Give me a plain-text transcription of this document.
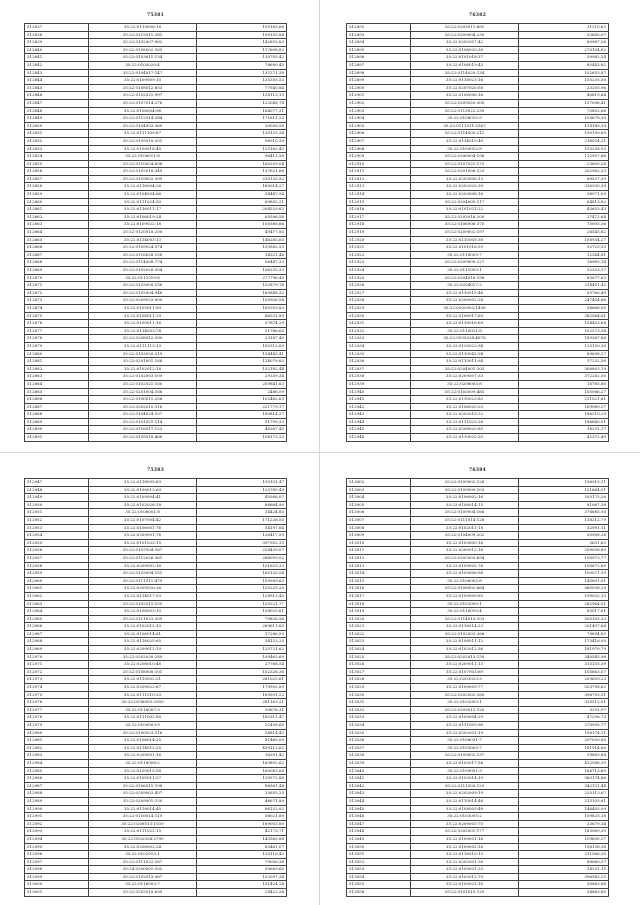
75381
512837	35:22:0119006:18	195165,68
512838	35:22:0119011:281	199155,84
512839	35:22:0102007:062	142892,63
512840	35:22:0108002:165	117608,82
512841	35:22:0103611:134	130705,42
512842	35:22:0105020:4	78690,45
512843	35:22:0104017:147	137271,38
512844	35:22:0109009:10	135355,53
512845	35:22:0108012:653	77540,84
512846	35:22:0102021:997	138113,13
512847	35:22:0107014:276	122048,78
512848	35:22:0108004:96	164077,31
512849	35:22:0112014:284	171611,22
512850	35:22:0104003:360	30056,56
512851	35:22:0111109:87	130125,34
512852	35:22:0109010:201	96910,39
512853	35:22:0109018:40	125162,43
512854	35:22:0106011:8	96411,58
512855	35:22:0110024:896	160259,04
512856	35:22:0102018:349	137621,68
512857	35:22:0109002:399	235133,52
512858	35:22:0116004:26	180014,27
512859	35:22:0104004:66	54447,94
512860	35:22:0111024:50	69892,21
512861	35:22:0116011:17	204529,62
512862	35:22:0106019:24	65596,58
512863	35:22:0109022:18	100586,66
512864	35:22:0120018:200	49477,85
512865	35:22:0114003:13	146285,65
512866	35:22:0109024:974	159582,53
512867	35:22:0116028:158	14321,46
512868	35:22:0114008:774	56447,33
512869	35:22:0102028:304	196235,33
512870	35:22:0111019:8	277796,40
512871	35:22:0103005:158	102879,78
512872	35:22:0102004:948	160848,32
512873	35:22:0209025:900	150926,54
512874	35:22:0103011:89	185393,83
512875	35:22:0108011:29	86531,89
512876	35:22:0109011:16	57674,29
512877	35:22:0114003:74	21786,65
512878	35:22:0208012:390	23187,49
512879	35:22:0111113:13	190312,69
512880	35:22:0103020:319	134443,41
512881	35:22:0201001:168	114079,63
512882	35:22:0102012:18	152182,44
512883	35:22:0102003:109	29339,34
512884	35:22:0102021:100	259841,63
512885	35:22:0201004:166	2488,09
512886	35:22:0100011:256	102482,63
512887	35:22:0202010:316	221779,17
512888	35:22:0104024:107	180814,27
512889	35:22:0101021:114	31799,33
512890	35:22:0116017:123	46267,45
512891	35:22:0105018:468	108173,23
76382
512892	35:22:0205011:681	31210,63
512893	35:22:0209004:230	33685,07
512894	35:22:0202007:42	60987,26
512895	35:22:0108020:30	270154,62
512896	35:22:0101018:37	39982,24
512897	35:22:0106019:43	85443,82
512898	35:22:0114020:134	102653,87
512899	35:22:0118023:16	155235,30
512900	35:22:0207020:58	23205,96
512901	35:22:0106006:16	40819,64
512902	35:22:0209020:300	157096,41
512903	35:22:0113023:239	73602,66
512904	35:22:0108015:9	103678,39
512905	35:22:0111011:2567	118149,39
512906	35:22:0114005:212	190190,69
512907	35:22:0114019:40	216024,21
512908	35:22:0109012:9	153258,53
512909	35:22:0206004:196	112957,86
512910	35:22:0107021:175	23605,26
512911	35:22:0201006:123	202962,23
512912	35:22:0203006:13	89537,39
512913	35:22:0202020:39	316200,39
512914	35:22:0203008:16	38971,09
512915	35:22:0204005:117	64813,82
512916	35:22:0101021:22	43653,43
512917	35:22:0203016:200	27472,64
512918	35:22:0106006:370	75005,36
512919	35:22:0209002:197	26545,82
512920	35:22:0110005:38	108934,27
512921	35:22:0101016:59	92723,53
512922	35:22:0118003:7	12344,81
512923	35:22:0209009:227	16985,14
512924	35:22:0111003:1	32253,17
512925	35:22:0204016:156	83077,63
512926	35:22:0204017:2	214451,42
512927	35:22:0110015:46	55760,49
512928	35:22:0200002:24	247454,86
512929	35:22:0202003:1436	36688,05
512930	35:22:0106017:69	382564,61
512931	35:22:0118016:69	154433,64
512932	35:22:0110011:6	102273,34
512933	35:22:0105028:4676	189367,88
512934	35:22:0120022:94	125150,30
512935	35:22:0110042:94	89658,27
512936	35:22:0110011:94	37232,56
512937	35:22:0204001:203	308803,19
512938	35:22:0209007:33	372282,50
512939	35:22:0208003:8	16785,60
512940	35:22:0103009:485	105086,27
512941	35:22:0110023:83	211021,61
512942	35:22:0106020:20	169989,27
512943	35:22:0202018:22	186210,29
512944	35:22:0111023:26	186840,01
512945	35:22:0208020:85	18291,17
512946	35:22:0110020:35	42372,49
75383
512947	35:22:0118005:63	195101,47
512948	35:22:0109012:63	120785,43
512949	35:22:0109004:41	45568,07
512950	35:22:0102026:18	86664,90
512951	35:22:0106001:8	34424,85
512952	35:22:0107004:42	171226,55
512953	35:22:0106001:76	54197,64
512954	35:22:0209001:76	126417,59
512955	35:22:0101022:15	397952,15
512956	35:22:0107004:167	228439,07
512957	35:22:0112026:361	286059,02
512958	35:22:0209002:16	101623,33
512959	35:22:0103004:151	165120,54
512960	35:22:0111011:479	159999,63
512961	35:22:0205020:26	135225,25
512962	35:22:0114017:53	128913,43
512963	35:22:0102011:155	125221,77
512964	35:22:0106003:10	158029,61
512965	35:22:0111023:309	79826,56
512966	35:22:0102012:10	269611,65
512967	35:22:0106014:61	17286,59
512968	35:22:0116025:65	34123,25
512969	35:22:0209012:19	125721,62
512970	35:22:0202030:280	109463,69
512971	35:22:0208010:48	27768,54
512972	35:22:0108008:101	152326,36
512973	35:22:0115002:21	281025,61
512974	35:22:0209022:67	179992,89
512975	35:22:0111010:23	189591,22
512976	35:22:0106005:2050	281163,21
512977	35:22:0116007:3	30678,31
512978	35:22:0111002:80	162311,47
512979	35:22:0109003:9	52436,60
512980	35:22:0100023:116	34814,43
512981	35:22:0106014:25	81465,09
512982	35:22:0114012:25	439112,62
512983	35:22:0209001:16	16351,42
512984	35:22:0116008:2	163892,62
512985	35:22:0109015:58	160063,85
512986	35:22:0105011:57	139572,88
512987	35:22:0106011:198	86561,48
512988	35:22:0209003:457	33655,25
512989	35:22:0209001:150	46671,89
512990	35:22:0118014:40	86152,03
512991	35:22:0116014:119	56021,89
512992	35:22:0208013:1039	189003,89
512993	35:22:0111022:15	42173,71
512994	35:22:0102024:2790	143565,88
512995	35:22:0206002:24	83461,07
512996	35:22:0102015:1	120116,42
512997	35:22:0111022:167	79056,36
512998	35:24:0200001:102	50669,65
512999	35:22:0102013:967	152097,34
513000	35:22:0116003:7	191424,24
513001	35:22:0202010:639	28422,34
76384
513002	35:22:0109002:128	196915,11
513003	35:22:0109009:103	131664,01
513004	35:22:0106002:16	205175,26
513005	35:22:0108014:15	81067,38
513006	35:22:0109004:166	376685,95
513007	35:22:0111014:126	116212,79
513008	35:22:0102011:18	32991,11
513009	35:22:0104009:202	30908,26
513010	35:22:0103005:16	3631,63
513011	35:22:0200012:16	209058,89
513012	35:22:0202003:654	100973,77
513013	35:22:0109002:76	100672,69
513014	35:22:0103006:56	100071,19
513015	35:22:0106002:8	145891,01
513016	35:22:0108002:664	365536,29
513017	35:22:0109009:85	199032,13
513018	35:22:0102009:1	282964,01
513019	35:22:0116010:4	83017,61
513020	35:22:0114013:103	505105,33
513021	35:22:0116014:23	201497,68
513022	35:22:0102003:366	79894,63
513023	35:22:0106011:12	173416,95
513024	35:22:0102012:36	181970,79
513025	35:22:0202013:150	340545,98
513026	35:22:0209011:13	315155,39
513027	35:22:0107003:69	105663,07
513028	35:22:0203023:3	209659,23
513029	35:22:0109009:77	523798,62
513030	35:22:0202002:160	396793,51
513031	35:22:0102003:1	335512,01
513032	35:22:0209012:120	3291,97
513033	35:22:0109004:29	47296,73
513034	35:22:0111003:96	279995,77
513035	35:22:0202001:19	108174,11
513036	35:22:0108031:7	297030,89
513037	35:22:0105003:7	181914,69
513038	35:22:0109002:137	19683,84
513039	35:22:0102017:56	412586,35
513040	35:22:0109001:9	168713,60
513041	35:22:0102014:19	360174,86
513042	35:22:0111003:129	342131,44
513043	35:22:0202009:19	225313,67
513044	35:22:0110014:48	213103,61
513045	35:22:0108003:48	146455,09
513046	35:22:0103005:2	109825,18
513047	35:22:0209003:70	23679,34
513048	35:22:0202001:177	183969,39
513049	35:22:0109001:16	109695,27
513050	35:22:0109002:16	108158,36
513051	35:22:0116010:13	211566,35
513052	35:22:0202001:36	88060,37
513053	35:22:0109001:33	34201,15
513054	35:22:0102012:70	396943,25
513055	35:22:0100021:16	50883,88
513056	35:22:0101010:129	34863,80
